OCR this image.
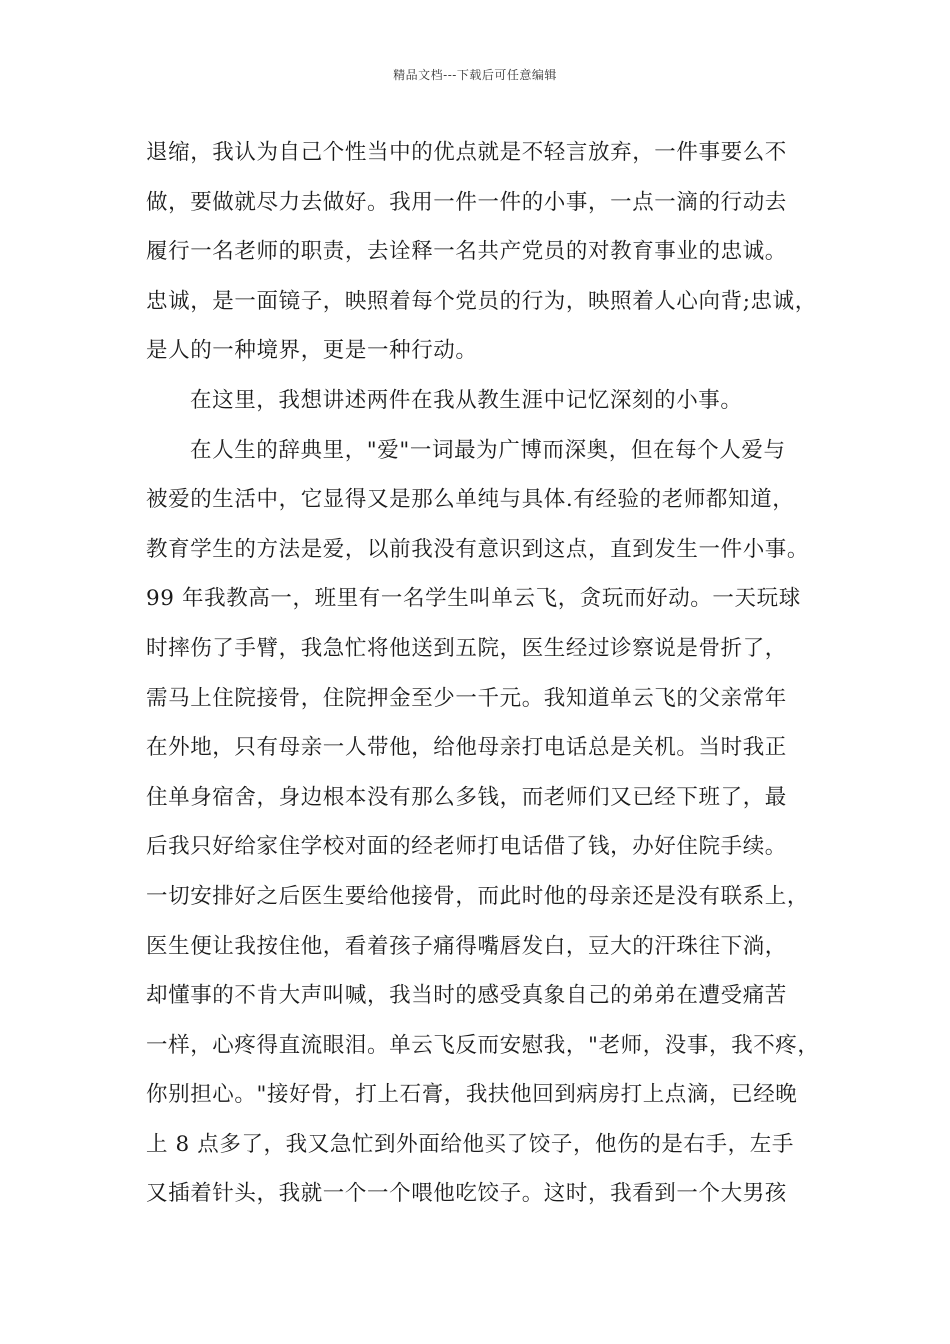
精品文档---下载后可任意编辑
退缩，我认为自己个性当中的优点就是不轻言放弃，一件事要么不
做，要做就尽力去做好。我用一件一件的小事，一点一滴的行动去
履行一名老师的职责，去诠释一名共产党员的对教育事业的忠诚。
忠诚，是一面镜子，映照着每个党员的行为，映照着人心向背;忠诚，
是人的一种境界，更是一种行动。
在这里，我想讲述两件在我从教生涯中记忆深刻的小事。
在人生的辞典里，"爱"一词最为广博而深奥，但在每个人爱与
被爱的生活中，它显得又是那么单纯与具体.有经验的老师都知道，
教育学生的方法是爱，以前我没有意识到这点，直到发生一件小事。
99 年我教高一，班里有一名学生叫单云飞，贪玩而好动。一天玩球
时摔伤了手臂，我急忙将他送到五院，医生经过诊察说是骨折了，
需马上住院接骨，住院押金至少一千元。我知道单云飞的父亲常年
在外地，只有母亲一人带他，给他母亲打电话总是关机。当时我正
住单身宿舍，身边根本没有那么多钱，而老师们又已经下班了，最
后我只好给家住学校对面的经老师打电话借了钱，办好住院手续。
一切安排好之后医生要给他接骨，而此时他的母亲还是没有联系上，
医生便让我按住他，看着孩子痛得嘴唇发白，豆大的汗珠往下淌，
却懂事的不肯大声叫喊，我当时的感受真象自己的弟弟在遭受痛苦
一样，心疼得直流眼泪。单云飞反而安慰我，"老师，没事，我不疼，
你别担心。"接好骨，打上石膏，我扶他回到病房打上点滴，已经晚
上 8 点多了，我又急忙到外面给他买了饺子，他伤的是右手，左手
又插着针头，我就一个一个喂他吃饺子。这时，我看到一个大男孩
